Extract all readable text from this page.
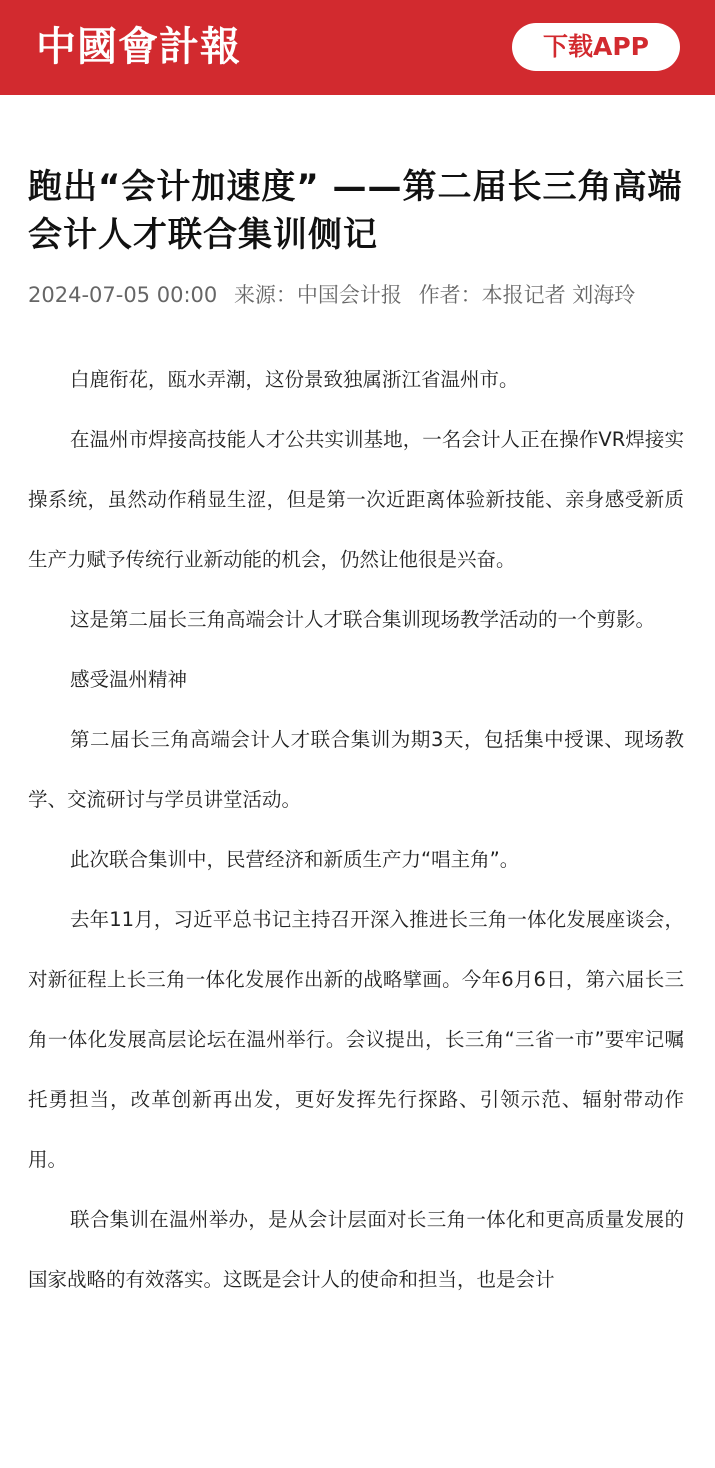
中國會計報	下载APP
跑出“会计加速度” ——第二届长三角高端会计人才联合集训侧记
2024-07-05 00:00 来源：中国会计报 作者：本报记者 刘海玲

白鹿衔花，瓯水弄潮，这份景致独属浙江省温州市。

在温州市焊接高技能人才公共实训基地，一名会计人正在操作VR焊接实操系统，虽然动作稍显生涩，但是第一次近距离体验新技能、亲身感受新质生产力赋予传统行业新动能的机会，仍然让他很是兴奋。

这是第二届长三角高端会计人才联合集训现场教学活动的一个剪影。

感受温州精神

第二届长三角高端会计人才联合集训为期3天，包括集中授课、现场教学、交流研讨与学员讲堂活动。

此次联合集训中，民营经济和新质生产力“唱主角”。

去年11月，习近平总书记主持召开深入推进长三角一体化发展座谈会，对新征程上长三角一体化发展作出新的战略擘画。今年6月6日，第六届长三角一体化发展高层论坛在温州举行。会议提出，长三角“三省一市”要牢记嘱托勇担当，改革创新再出发，更好发挥先行探路、引领示范、辐射带动作用。

联合集训在温州举办，是从会计层面对长三角一体化和更高质量发展的国家战略的有效落实。这既是会计人的使命和担当，也是会计
